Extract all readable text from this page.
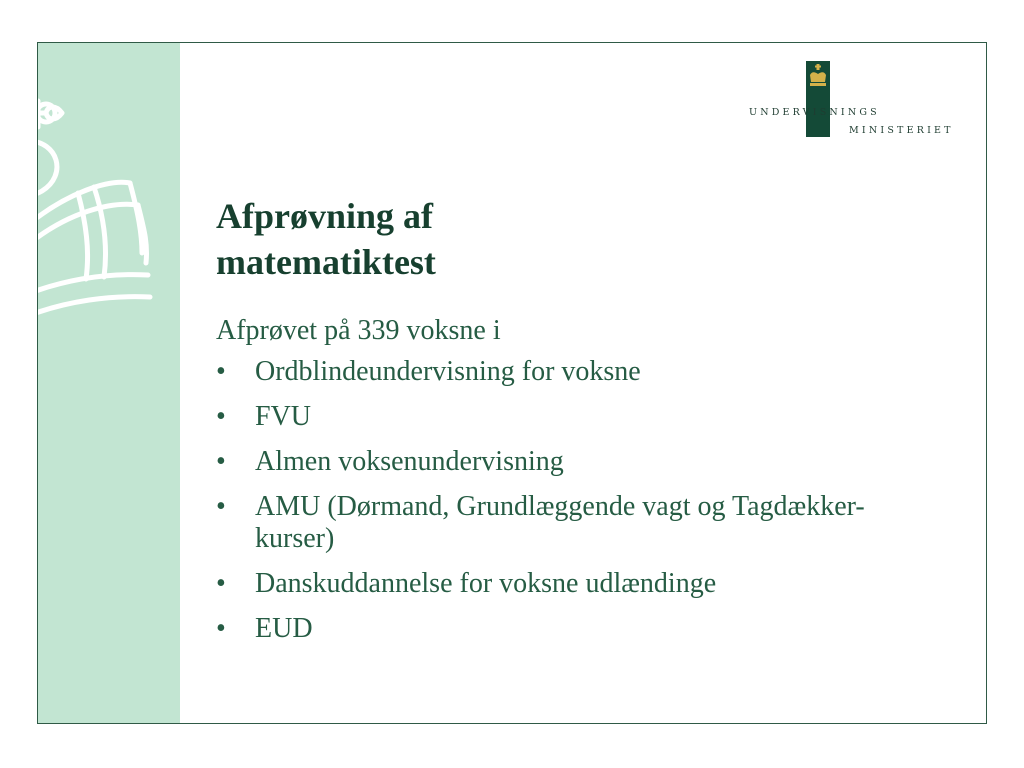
UNDERVISNINGS
MINISTERIET
Afprøvning af
matematiktest

Afprøvet på 339 voksne i

• Ordblindeundervisning for voksne
• FVU
• Almen voksenundervisning
• AMU (Dørmand, Grundlæggende vagt og Tagdækker-kurser)
• Danskuddannelse for voksne udlændinge
• EUD
